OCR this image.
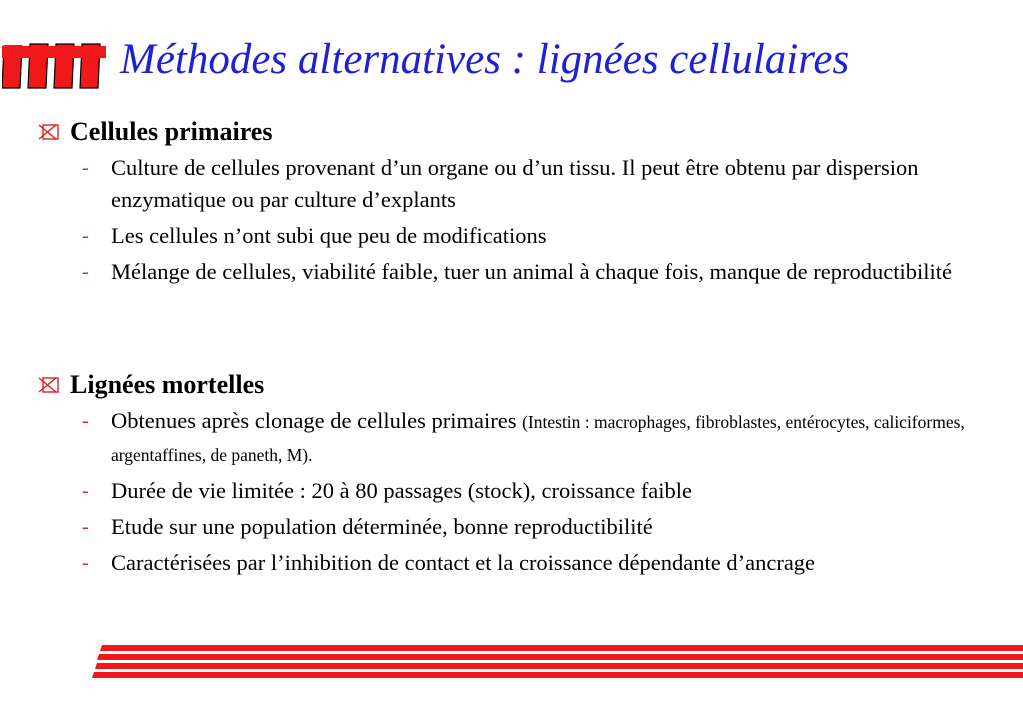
Méthodes alternatives : lignées cellulaires
Cellules primaires
- Culture de cellules provenant d’un organe ou d’un tissu. Il peut être obtenu par dispersion enzymatique ou par culture d’explants
- Les cellules n’ont subi que peu de modifications
- Mélange de cellules, viabilité faible, tuer un animal à chaque fois, manque de reproductibilité
Lignées mortelles
- Obtenues après clonage de cellules primaires (Intestin : macrophages, fibroblastes, entérocytes, caliciformes, argentaffines, de paneth, M).
- Durée de vie limitée : 20 à 80 passages (stock), croissance faible
- Etude sur une population déterminée, bonne reproductibilité
- Caractérisées par l’inhibition de contact et la croissance dépendante d’ancrage
